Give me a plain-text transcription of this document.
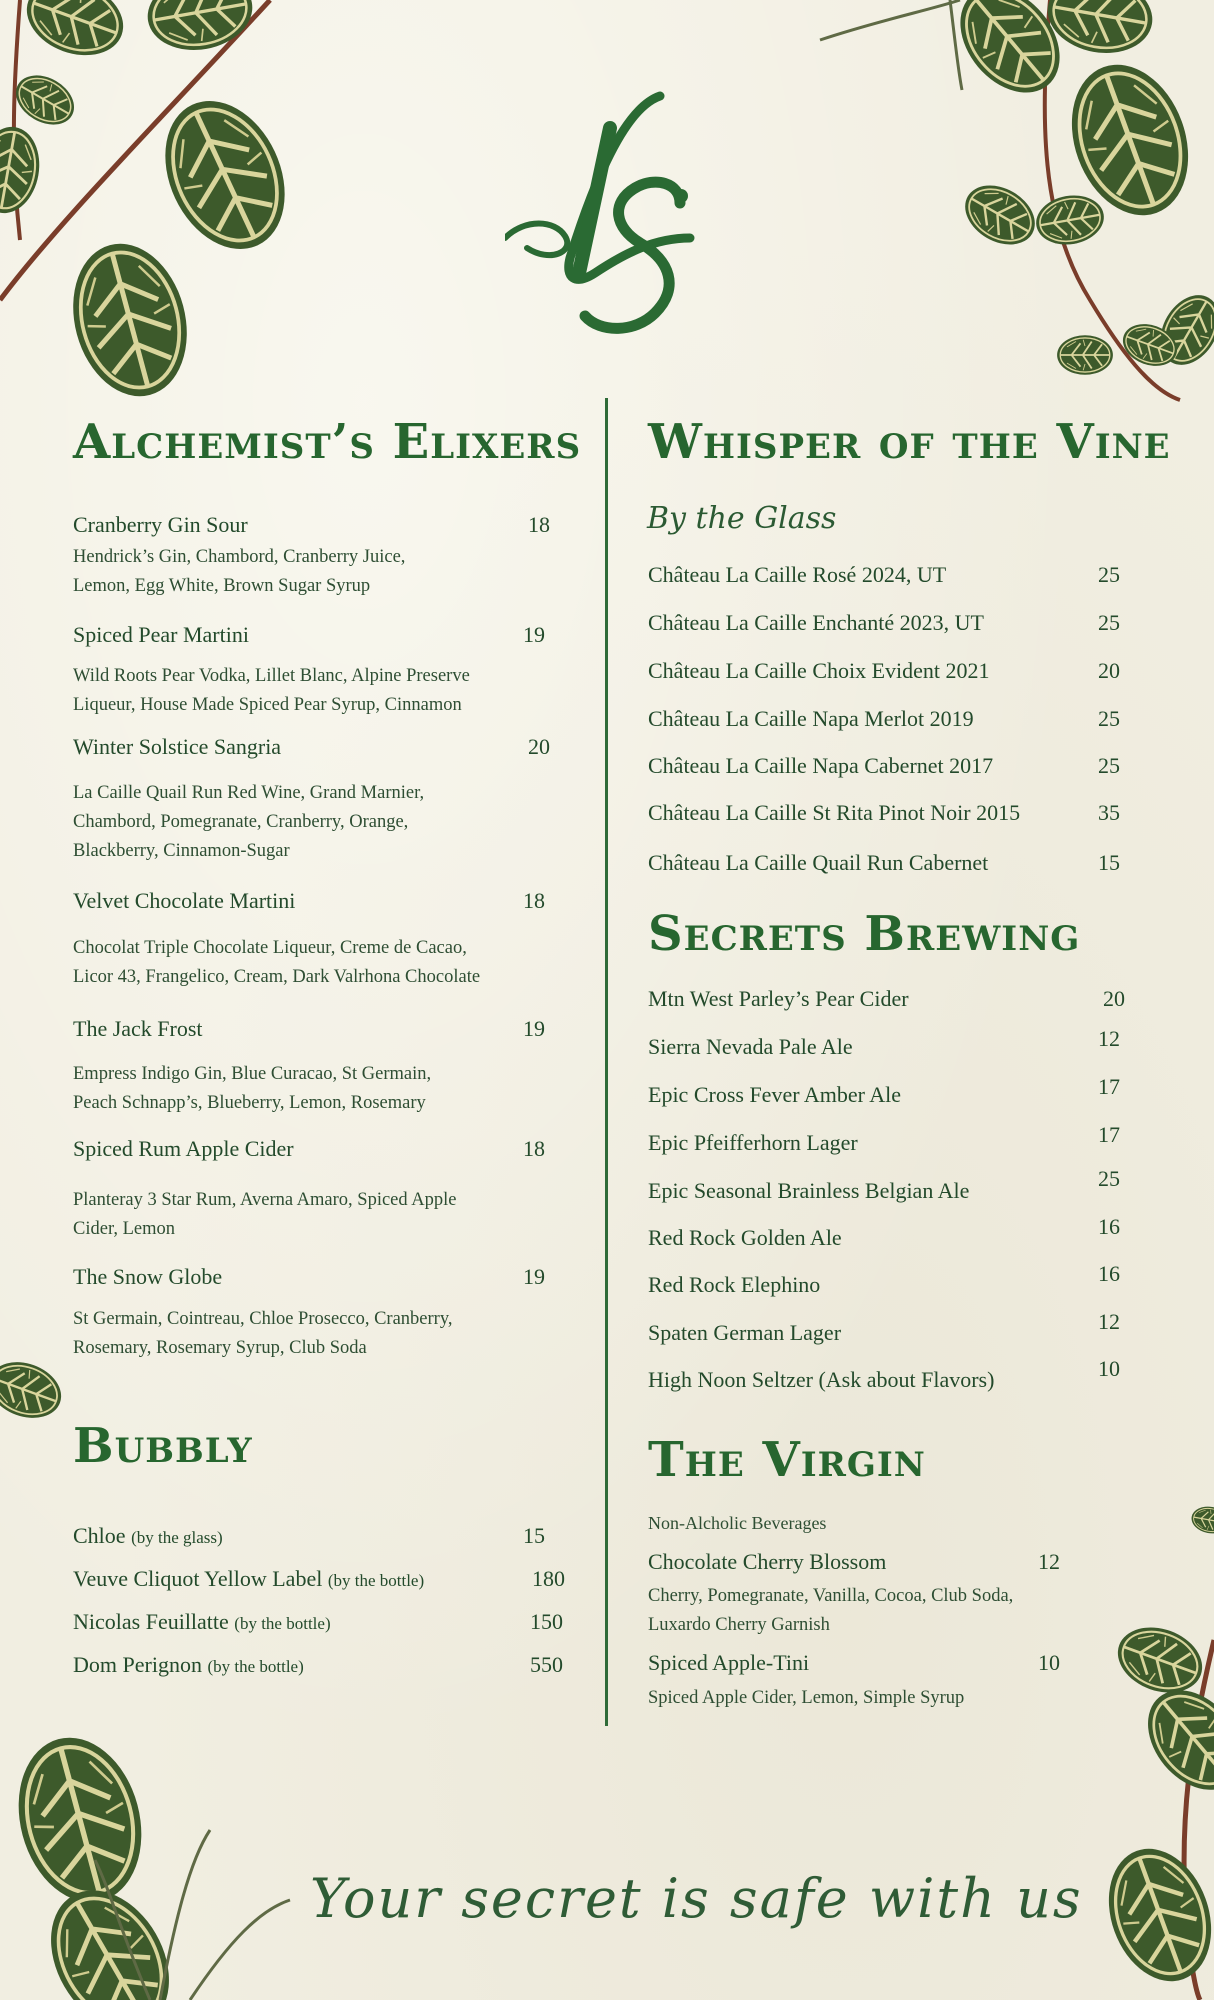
Alchemist’s Elixers
Cranberry Gin Sour	18
Hendrick’s Gin, Chambord, Cranberry Juice,
Lemon, Egg White, Brown Sugar Syrup
Spiced Pear Martini	19
Wild Roots Pear Vodka, Lillet Blanc, Alpine Preserve
Liqueur, House Made Spiced Pear Syrup, Cinnamon
Winter Solstice Sangria	20
La Caille Quail Run Red Wine, Grand Marnier,
Chambord, Pomegranate, Cranberry, Orange,
Blackberry, Cinnamon-Sugar
Velvet Chocolate Martini	18
Chocolat Triple Chocolate Liqueur, Creme de Cacao,
Licor 43, Frangelico, Cream, Dark Valrhona Chocolate
The Jack Frost	19
Empress Indigo Gin, Blue Curacao, St Germain,
Peach Schnapp’s, Blueberry, Lemon, Rosemary
Spiced Rum Apple Cider	18
Planteray 3 Star Rum, Averna Amaro, Spiced Apple
Cider, Lemon
The Snow Globe	19
St Germain, Cointreau, Chloe Prosecco, Cranberry,
Rosemary, Rosemary Syrup, Club Soda
Bubbly
Chloe (by the glass)	15
Veuve Cliquot Yellow Label (by the bottle)	180
Nicolas Feuillatte (by the bottle)	150
Dom Perignon (by the bottle)	550
Whisper of the Vine
By the Glass
Château La Caille Rosé 2024, UT	25
Château La Caille Enchanté 2023, UT	25
Château La Caille Choix Evident 2021	20
Château La Caille Napa Merlot 2019	25
Château La Caille Napa Cabernet 2017	25
Château La Caille St Rita Pinot Noir 2015	35
Château La Caille Quail Run Cabernet	15
Secrets Brewing
Mtn West Parley’s Pear Cider	20
Sierra Nevada Pale Ale	12
Epic Cross Fever Amber Ale	17
Epic Pfeifferhorn Lager	17
Epic Seasonal Brainless Belgian Ale	25
Red Rock Golden Ale	16
Red Rock Elephino	16
Spaten German Lager	12
High Noon Seltzer (Ask about Flavors)	10
The Virgin
Non-Alcholic Beverages
Chocolate Cherry Blossom	12
Cherry, Pomegranate, Vanilla, Cocoa, Club Soda,
Luxardo Cherry Garnish
Spiced Apple-Tini	10
Spiced Apple Cider, Lemon, Simple Syrup
Your secret is safe with us
